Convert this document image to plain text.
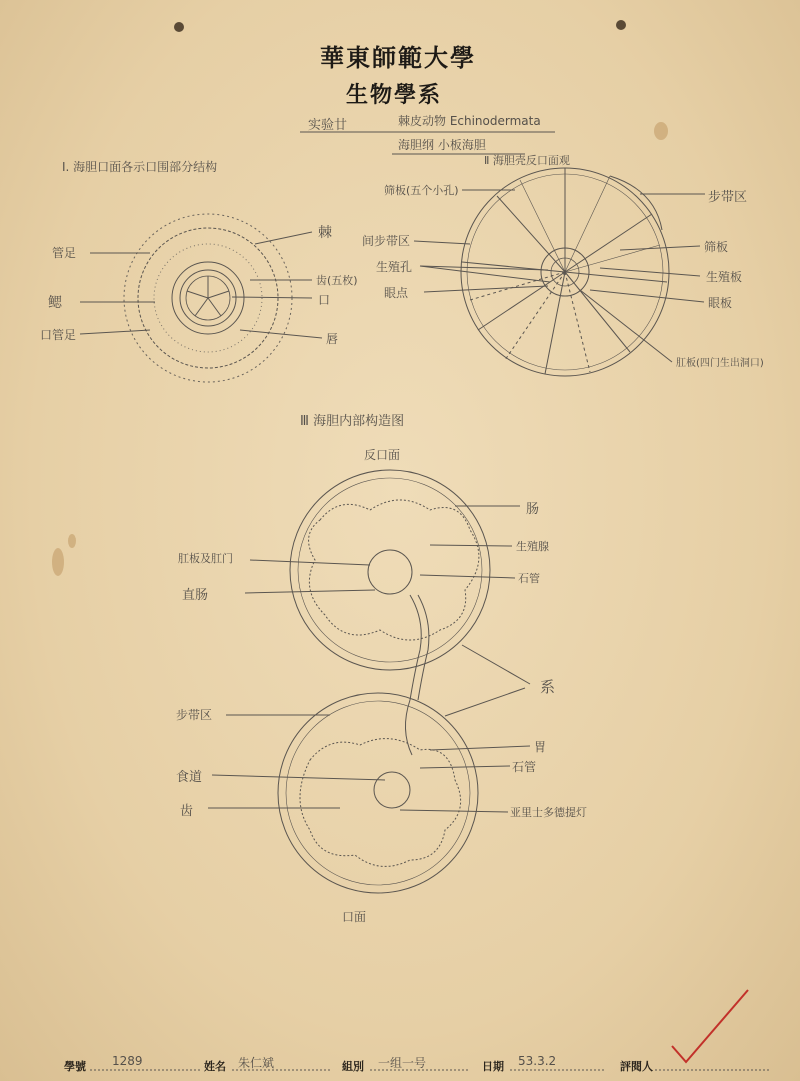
華東師範大學
生物學系
实验廿	棘皮动物 Echinodermata
海胆纲 小板海胆
Ⅱ 海胆壳反口面观
I. 海胆口面各示口围部分结构
管足
鳃
口管足
棘
齿(五枚)
口
唇
筛板(五个小孔)	步带区
间步带区	筛板
生殖孔
生殖板
眼点
眼板
肛板(四门生出洞口)
Ⅲ 海胆内部构造图
反口面
肠
生殖腺
肛板及肛门
石管
直肠
系
步带区
胃
石管
食道
齿	亚里士多德提灯
口面
學號 1289	姓名 朱仁斌	組別 一组一号	日期 53.3.2	評閱人
